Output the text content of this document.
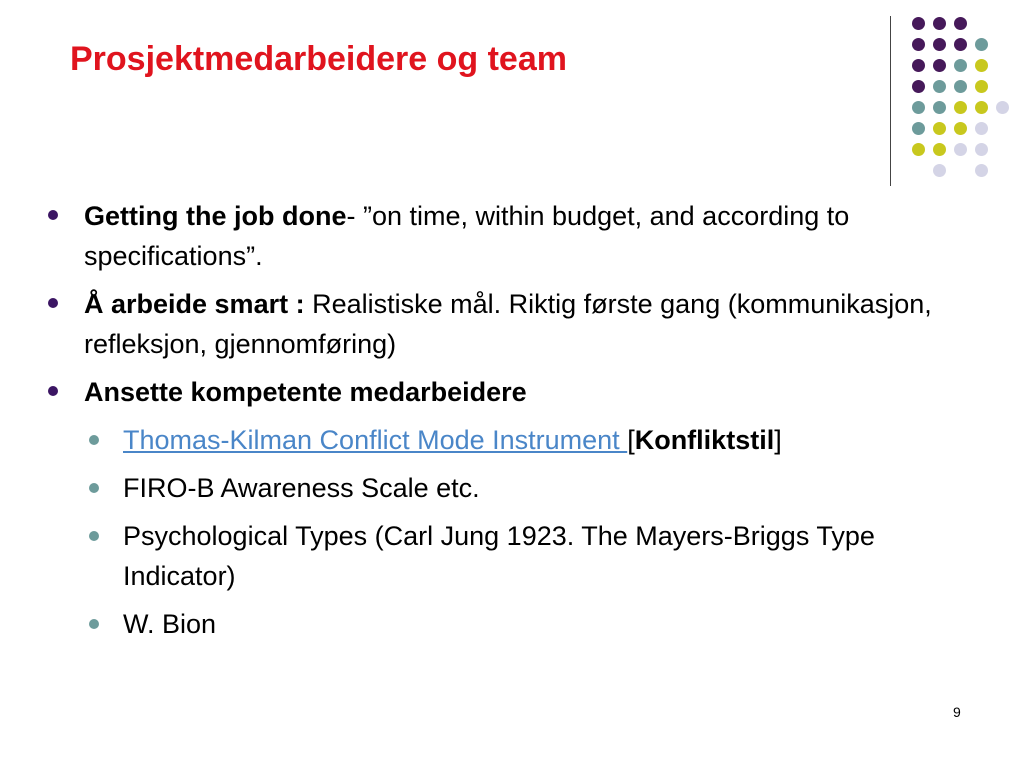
Prosjektmedarbeidere og team
Getting the job done- ”on time, within budget, and according to specifications”.
Å arbeide smart : Realistiske mål. Riktig første gang (kommunikasjon, refleksjon, gjennomføring)
Ansette kompetente medarbeidere
Thomas-Kilman Conflict Mode Instrument [Konfliktstil]
FIRO-B Awareness Scale etc.
Psychological Types (Carl Jung 1923. The Mayers-Briggs Type Indicator)
W. Bion
9
